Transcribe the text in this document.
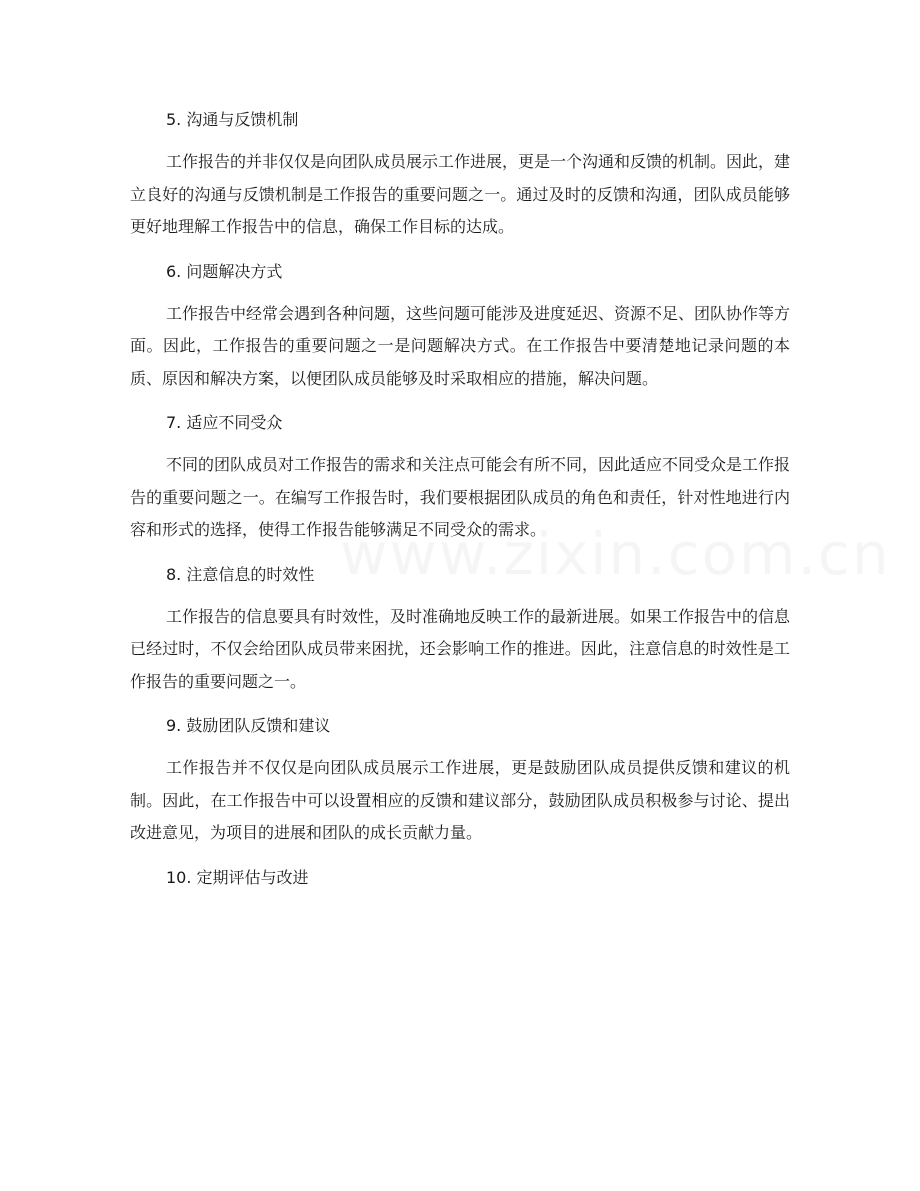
5. 沟通与反馈机制

工作报告的并非仅仅是向团队成员展示工作进展，更是一个沟通和反馈的机制。因此，建立良好的沟通与反馈机制是工作报告的重要问题之一。通过及时的反馈和沟通，团队成员能够更好地理解工作报告中的信息，确保工作目标的达成。

6. 问题解决方式

工作报告中经常会遇到各种问题，这些问题可能涉及进度延迟、资源不足、团队协作等方面。因此，工作报告的重要问题之一是问题解决方式。在工作报告中要清楚地记录问题的本质、原因和解决方案，以便团队成员能够及时采取相应的措施，解决问题。

7. 适应不同受众

不同的团队成员对工作报告的需求和关注点可能会有所不同，因此适应不同受众是工作报告的重要问题之一。在编写工作报告时，我们要根据团队成员的角色和责任，针对性地进行内容和形式的选择，使得工作报告能够满足不同受众的需求。

8. 注意信息的时效性

工作报告的信息要具有时效性，及时准确地反映工作的最新进展。如果工作报告中的信息已经过时，不仅会给团队成员带来困扰，还会影响工作的推进。因此，注意信息的时效性是工作报告的重要问题之一。

9. 鼓励团队反馈和建议

工作报告并不仅仅是向团队成员展示工作进展，更是鼓励团队成员提供反馈和建议的机制。因此，在工作报告中可以设置相应的反馈和建议部分，鼓励团队成员积极参与讨论、提出改进意见，为项目的进展和团队的成长贡献力量。

10. 定期评估与改进
